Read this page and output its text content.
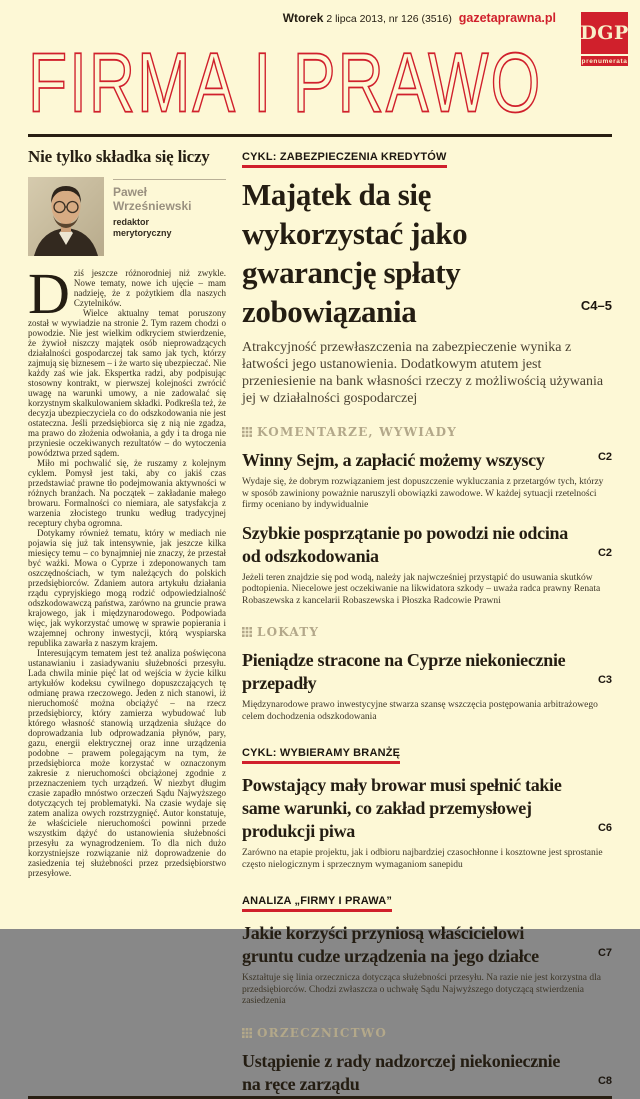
Wtorek 2 lipca 2013, nr 126 (3516) gazetaprawna.pl
DGP
prenumerata
FIRMA I PRAWO
Nie tylko składka się liczy
Paweł Wrześniewski
redaktor merytoryczny

Dziś jeszcze różnorodniej niż zwykle. Nowe tematy, nowe ich ujęcie – mam nadzieję, że z pożytkiem dla naszych Czytelników.

Wielce aktualny temat poruszony został w wywiadzie na stronie 2. Tym razem chodzi o powodzie. Nie jest wielkim odkryciem stwierdzenie, że żywioł niszczy majątek osób nieprowadzących działalności gospodarczej tak samo jak tych, którzy zajmują się biznesem – i że warto się ubezpieczać. Nie każdy zaś wie jak. Ekspertka radzi, aby podpisując stosowny kontrakt, w pierwszej kolejności zwrócić uwagę na warunki umowy, a nie zadowalać się korzystnym skalkulowaniem składki. Podkreśla też, że decyzja ubezpieczyciela co do odszkodowania nie jest ostateczna. Jeśli przedsiębiorca się z nią nie zgadza, ma prawo do złożenia odwołania, a gdy i ta droga nie przyniesie oczekiwanych rezultatów – do wytoczenia powództwa przed sądem.

Miło mi pochwalić się, że ruszamy z kolejnym cyklem. Pomysł jest taki, aby co jakiś czas przedstawiać prawne tło podejmowania aktywności w różnych branżach. Na początek – zakładanie małego browaru. Formalności co niemiara, ale satysfakcja z warzenia złocistego trunku według tradycyjnej receptury chyba ogromna.

Dotykamy również tematu, który w mediach nie pojawia się już tak intensywnie, jak jeszcze kilka miesięcy temu – co bynajmniej nie znaczy, że przestał być ważki. Mowa o Cyprze i zdeponowanych tam oszczędnościach, w tym należących do polskich przedsiębiorców. Zdaniem autora artykułu działania rządu cypryjskiego mogą rodzić odpowiedzialność odszkodowawczą państwa, zarówno na gruncie prawa krajowego, jak i międzynarodowego. Podpowiada więc, jak wykorzystać umowę w sprawie popierania i wzajemnej ochrony inwestycji, którą wyspiarska republika zawarła z naszym krajem.

Interesującym tematem jest też analiza poświęcona ustanawianiu i zasiadywaniu służebności przesyłu. Lada chwila minie pięć lat od wejścia w życie kilku artykułów kodeksu cywilnego dopuszczających tę odmianę prawa rzeczowego. Jeden z nich stanowi, iż nieruchomość można obciążyć – na rzecz przedsiębiorcy, który zamierza wybudować lub którego własność stanowią urządzenia służące do doprowadzania lub odprowadzania płynów, pary, gazu, energii elektrycznej oraz inne urządzenia podobne – prawem polegającym na tym, że przedsiębiorca może korzystać w oznaczonym zakresie z nieruchomości obciążonej zgodnie z przeznaczeniem tych urządzeń. W niezbyt długim czasie zapadło mnóstwo orzeczeń Sądu Najwyższego dotyczących tej problematyki. Na czasie wydaje się zatem analiza owych rozstrzygnięć. Autor konstatuje, że właściciele nieruchomości powinni przede wszystkim dążyć do ustanowienia służebności przesyłu za wynagrodzeniem. To dla nich dużo korzystniejsze rozwiązanie niż doprowadzenie do zasiedzenia tej służebności przez przedsiębiorstwo przesyłowe.

CYKL: ZABEZPIECZENIA KREDYTÓW
Majątek da się wykorzystać jako gwarancję spłaty zobowiązania	C4–5

Atrakcyjność przewłaszczenia na zabezpieczenie wynika z łatwości jego ustanowienia. Dodatkowym atutem jest przeniesienie na bank własności rzeczy z możliwością używania jej w działalności gospodarczej

KOMENTARZE, WYWIADY
Winny Sejm, a zapłacić możemy wszyscy	C2

Wydaje się, że dobrym rozwiązaniem jest dopuszczenie wykluczania z przetargów tych, którzy w sposób zawiniony poważnie naruszyli obowiązki zawodowe. W każdej sytuacji rzetelności firmy oceniano by indywidualnie

Szybkie posprzątanie po powodzi nie odcina od odszkodowania	C2

Jeżeli teren znajdzie się pod wodą, należy jak najwcześniej przystąpić do usuwania skutków podtopienia. Niecelowe jest oczekiwanie na likwidatora szkody – uważa radca prawny Renata Robaszewska z kancelarii Robaszewska i Płoszka Radcowie Prawni

LOKATY
Pieniądze stracone na Cyprze niekoniecznie przepadły	C3

Międzynarodowe prawo inwestycyjne stwarza szansę wszczęcia postępowania arbitrażowego celem dochodzenia odszkodowania

CYKL: WYBIERAMY BRANŻĘ
Powstający mały browar musi spełnić takie same warunki, co zakład przemysłowej produkcji piwa	C6

Zarówno na etapie projektu, jak i odbioru najbardziej czasochłonne i kosztowne jest sprostanie często nielogicznym i sprzecznym wymaganiom sanepidu

ANALIZA „FIRMY I PRAWA”
Jakie korzyści przyniosą właścicielowi gruntu cudze urządzenia na jego działce	C7

Kształtuje się linia orzecznicza dotycząca służebności przesyłu. Na razie nie jest korzystna dla przedsiębiorców. Chodzi zwłaszcza o uchwałę Sądu Najwyższego dotyczącą stwierdzenia zasiedzenia

ORZECZNICTWO
Ustąpienie z rady nadzorczej niekoniecznie na ręce zarządu	C8
